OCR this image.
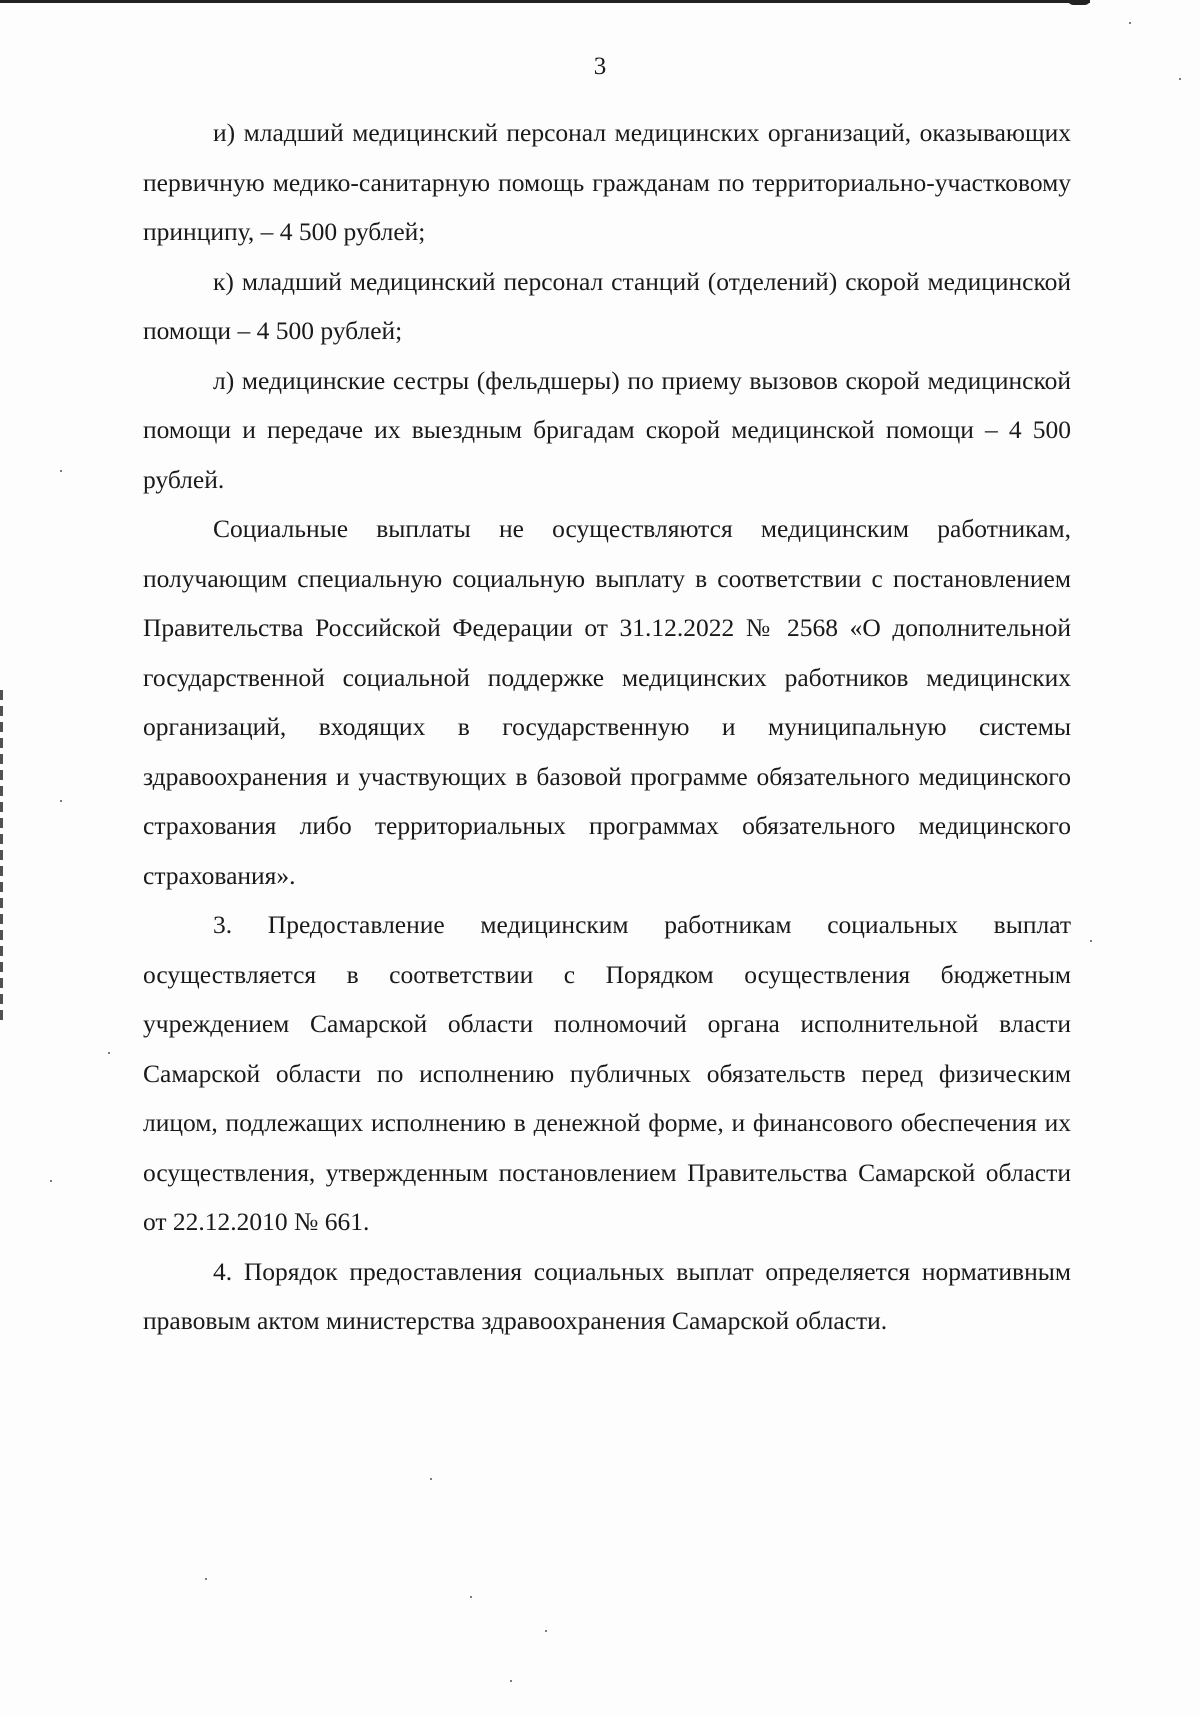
3

и) младший медицинский персонал медицинских организаций, оказывающих первичную медико-санитарную помощь гражданам по территориально-участковому принципу, – 4 500 рублей;

к) младший медицинский персонал станций (отделений) скорой медицинской помощи – 4 500 рублей;

л) медицинские сестры (фельдшеры) по приему вызовов скорой медицинской помощи и передаче их выездным бригадам скорой медицинской помощи – 4 500 рублей.

Социальные выплаты не осуществляются медицинским работникам, получающим специальную социальную выплату в соответствии с постановлением Правительства Российской Федерации от 31.12.2022 № 2568 «О дополнительной государственной социальной поддержке медицинских работников медицинских организаций, входящих в государственную и муниципальную системы здравоохранения и участвующих в базовой программе обязательного медицинского страхования либо территориальных программах обязательного медицинского страхования».

3. Предоставление медицинским работникам социальных выплат осуществляется в соответствии с Порядком осуществления бюджетным учреждением Самарской области полномочий органа исполнительной власти Самарской области по исполнению публичных обязательств перед физическим лицом, подлежащих исполнению в денежной форме, и финансового обеспечения их осуществления, утвержденным постановлением Правительства Самарской области от 22.12.2010 № 661.

4. Порядок предоставления социальных выплат определяется нормативным правовым актом министерства здравоохранения Самарской области.
